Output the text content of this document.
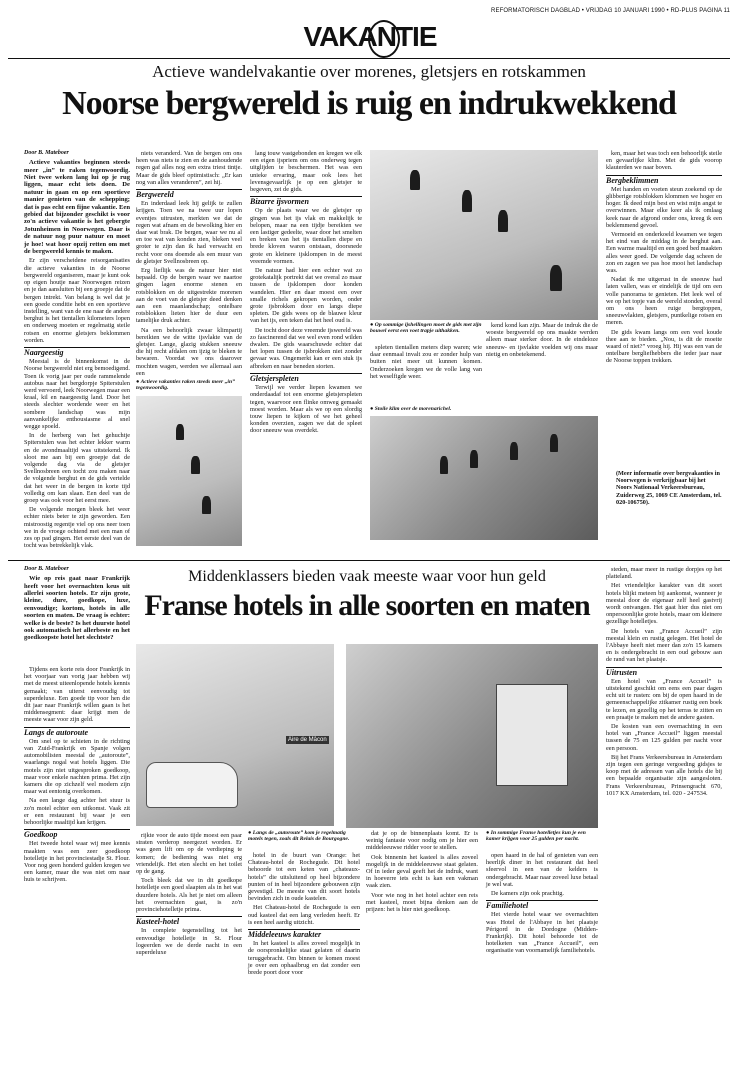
REFORMATORISCH DAGBLAD • VRIJDAG 10 JANUARI 1990 • RD-PLUS PAGINA 11
VAKANTIE
Actieve wandelvakantie over morenes, gletsjers en rotskammen
Noorse bergwereld is ruig en indrukwekkend
Door B. Mateboer

Actieve vakanties beginnen steeds meer „in” te raken tegenwoordig. Niet twee weken lang lui op je rug liggen, maar echt iets doen. De natuur in gaan en op een sportieve manier genieten van de schepping; dat is pas echt een fijne vakantie. Een gebied dat bijzonder geschikt is voor zo'n actieve vakantie is het gebergte Jotunheimen in Noorwegen. Daar is de natuur nog puur natuur en moet je hoe! wat hoor opzij retten om met de bergwereld kennis te maken.

Er zijn verscheidene reisorganisaties die actieve vakanties in de Noorse bergwereld organiseren, maar je kunt ook op eigen houtje naar Noorwegen reizen en je dan aansluiten bij een groepje dat de bergen intrekt. Van belang is wel dat je een goede conditie hebt en een sportieve instelling, want van de ene naar de andere berghut is het tientallen kilometers lopen en onderweg moeten er regelmatig steile rotsen en enorme gletsjers beklommen worden.

Naargeestig

Meestal is de binnenkomst in de Noorse bergwereld niet erg bemoedigend. Toen ik vorig jaar per oude rammelende autobus naar het bergdorpje Spiterstulen werd vervoerd, leek Noorwegen maar een kraal, kil en naargeestig land. Door het steeds slechter wordende weer en het sombere landschap was mijn aanvankelijke enthousiasme al snel wegge spoeld.

In de herberg van het gehuchtje Spiterstulen was het echter lekker warm en de avondmaaltijd was uitstekend. Ik sloot me aan bij een groepje dat de volgende dag via de gletsjer Svellnosbreen een tocht zou maken naar de volgende berghut en de gids vertelde dat het weer in de bergen in korte tijd volledig om kan slaan. Een deel van de groep was ook voor het eerst mee.

De volgende morgen bleek het weer echter niets beter te zijn geworden. Een mistroostig regentje viel op ons neer toen we in de vroege ochtend met een man of zes op pad gingen. Het eerste deel van de tocht was betrekkelijk vlak.

niets veranderd. Van de bergen om ons heen was niets te zien en de aanhoudende regen gaf alles nog een extra triest tintje. Maar de gids bleef optimistisch: „Er kan nog van alles veranderen”, zei hij.

Bergwereld

En inderdaad leek hij gelijk te zullen krijgen. Toen we na twee uur lopen eventjes uitrusten, merkten we dat de regen wat afnam en de bewolking hier en daar wat brak. De bergen, waar we nu al en toe wat van konden zien, bleken veel groter te zijn dan ik had verwacht en recht voor ons doemde als een muur van de gletsjer Svellnosbreen op.

Erg lieflijk was de natuur hier niet bepaald. Op de bergen waar we naartoe gingen lagen enorme stenen en rotsblokken en de uitgestrekte morenen aan de voet van de gletsjer deed denken aan een maanlandschap; ontelbare rotsblokken lieten hier de duur een tamelijke druk achter.

Na een behoorlijk zwaar klimpartij bereikten we de witte ijsvlakte van de gletsjer. Lange, glazig stukken sneeuw die hij recht afdalen om ijzig te bleken te bewaren. Voordat we ons daarover mochten wagen, werden we allemaal aan een

● Actieve vakanties raken steeds meer „in” tegenwoordig.

lang touw vastgebonden en kregen we elk een eigen ijspriem om ons onderweg tegen uitglijden te beschermen. Het was een unieke ervaring, maar ook lees het levensgevaarlijk je op een gletsjer te begeven, zei de gids.

Bizarre ijsvormen

Op de plaats waar we de gletsjer op gingen was het ijs vlak en makkelijk te belopen, maar na een tijdje bereikten we een lastiger gedeelte, waar door het smelten en breken van het ijs tientallen diepe en brede kloven waren ontstaan, doorsnede grote en kleinere ijsklompen in de meest vreemde vormen.

De natuur had hier een echter wat zo grotekatalijk portrekt dat we overal zo maar tussen de ijsklompen door konden wandelen. Hier en daar moest een over smalle richels gekropen worden, onder grote ijsbrokken door en langs diepe spleten. De gids wees op de blauwe kleur van het ijs, een teken dat het heel oud is.

De tocht door deze vreemde ijswereld was zo fascinerend dat we wel even rond wilden dwalen. De gids waarschuwde echter dat het lopen tussen de ijsbrokken niet zonder gevaar was. Ongemerkt kan er een stuk ijs afbreken en naar beneden storten.

Gletsjerspleten

Terwijl we verder liepen kwamen we onderdaadaf tot een enorme gletsjerspleten tegen, waarvoor een flinke omweg gemaakt moest worden. Maar als we op een slordig touw liepen te kijken of we het geheel konden overzien, zagen we dat de spleet door sneeuw was overdekt.

● Op sommige ijshellingen moet de gids met zijn bouwel eerst een voet trapje uithakken.

spleten tientallen meters diep waren; wie daar eenmaal invalt zou er zonder hulp van buiten niet meer uit kunnen komen. Onderzoeken kregen we de volle lang van het weselfigde weer.

● Stoile klim over de morenarichel.

kend kond kan zijn. Maar de indruk die de woeste bergwereld op ons maakte werden alleen maar sterker door. In de eindeloze sneeuw- en ijsvlakte voelden wij ons maar nietig en onbetekenend.

ken, maar het was toch een behoorlijk steile en gevaarlijke klim. Met de gids voorop klauterden we naar boven.

Bergbeklimmen

Met handen en voeten steun zoekend op de glibberige rotsblokken klommen we hoger en hoger. Ik deed mijn best en wist mijn angst te overwinnen. Maar elke keer als ik omlaag keek naar de afgrond onder ons, kreeg ik een beklemmend gevoel.

Vermoeid en onderkoeld kwamen we tegen het eind van de middag in de berghut aan. Een warme maaltijd en een goed bed maakten alles weer goed. De volgende dag scheen de zon en zagen we pas hoe mooi het landschap was.

Nadat ik me uitgerust in de sneeuw had laten vallen, was er eindelijk de tijd om een volle panorama te genieten. Het leek wel of we op het topje van de wereld stonden, overal om ons heen ruige bergtoppen, sneeuwvlakten, gletsjers, puntkelige rotsen en meren.

De gids kwam langs om een veel koude thee aan te bieden. „Nou, is dit de moeite waard of niet?” vroeg hij. Hij was een van de ontelbare bergliefhebbers die ieder jaar naar de Noorse toppen trekken.

(Meer informatie over bergvakanties in Noorwegen is verkrijgbaar bij het Noors Nationaal Verkeersbureau, Zuiderweg 25, 1069 CE Amsterdam, tel. 020-106750).
Door B. Mateboer

Wie op reis gaat naar Frankrijk heeft voor het overnachten keus uit allerlei soorten hotels. Er zijn grote, kleine, dure, goedkope, luxe, eenvoudige; kortom, hotels in alle soorten en maten. De vraag is echter: welke is de beste? Is het duurste hotel ook automatisch het allerbeste en het goedkoopste hotel het slechtste?

Middenklassers bieden vaak meeste waar voor hun geld
Franse hotels in alle soorten en maten

Tijdens een korte reis door Frankrijk in het voorjaar van vorig jaar hebben wij met de meest uiteenlopende hotels kennis gemaakt; van uiterst eenvoudig tot superdeluxe. Een goede tip voor hen die dit jaar naar Frankrijk willen gaan is het middensegment: daar krijgt men de meeste waar voor zijn geld.

Langs de autoroute

Om snel op te schieten in de richting van Zuid-Frankrijk en Spanje volgen automobilisten meestal de „autoroute”, waarlangs nogal wat hotels liggen. Die motels zijn niet uitgesproken goedkoop, maar voor enkele nachten prima. Het zijn kamers die op zichzelf wel modern zijn maar wat eentonig overkomen.

Na een lange dag achter het stuur is zo'n motel echter een uitkomst. Vaak zit er een restaurant bij waar je een behoorlijke maaltijd kan krijgen.

Goedkoop

Het tweede hotel waar wij mee kennis maakten was een zeer goedkoop hotelletje in het provinciestadje St. Flour. Voor nog geen honderd gulden kregen we een kamer, maar die was niet om naar huis te schrijven.

Aire de Mâcon

rijkte voor de auto tijde moest een paar straten verderop neergezet worden. Er was geen lift om op de verdieping te komen; de bediening was niet erg vriendelijk. Het eten slecht en het toilet op de gang.

Toch bleek dat we in dit goedkope hotelletje een goed slaapten als in het wat duurdere hotels. Als het je niet om alleen het overnachten gaat, is zo'n provinciehotelletje prima.

Kasteel-hotel

In complete tegenstelling tot het eenvoudige hotelletje in St. Flour logeerden we de derde nacht in een superdeluxe

● Langs de „autoroute” kom je regelmatig motels tegen, zoals dit Relais de Bourgogne.

hotel in de buurt van Orange: het Chateau-hotel de Rochegude. Dit hotel behoorde tot een keten van „chateaux-hotels” die uitsluitend op heel bijzondere punten of in heel bijzondere gebouwen zijn gevestigd. De meeste van dit soort hotels bevinden zich in oude kastelen.

Het Chateau-hotel de Rochegude is een oud kasteel dat een lang verleden heeft. Er is een heel aardig uitzicht.

Middeleeuws karakter

In het kasteel is alles zoveel mogelijk in de oorspronkelijke staat gelaten of daarin teruggebracht. Om binnen te komen moest je over een ophaalbrug en dat zonder een brede poort door voor

dat je op de binnenplaats komt. Er is weinig fantasie voor nodig om je hier een middeleeuwse ridder voor te stellen.

Ook binnenin het kasteel is alles zoveel mogelijk in de middeleeuwse staat gelaten. Of in ieder geval geeft het de indruk, want in hoeverre iets echt is kan een vakman vaak zien.

Voor wie nog in het hotel achter een reis met kasteel, moet bijna denken aan de prijzen: het is hier niet goedkoop.

● In sommige Franse hotelletjes kun je een kamer krijgen voor 25 gulden per nacht.

open haard in de hal of genieten van een heerlijk diner in het restaurant dat heel sfeervol in een van de kelders is ondergebracht. Maar naar zoveel luxe betaal je wel wat.

De kamers zijn ook prachtig.

Familiehotel

Het vierde hotel waar we overnachtten was Hotel de l'Abbaye in het plaatsje Périgord in de Dordogne (Midden-Frankrijk). Dit hotel behoorde tot de hotelketen van „France Accueil”, een organisatie van voornamelijk familiehotels.

steden, maar meer in rustige dorpjes op het platteland.

Het vriendelijke karakter van dit soort hotels blijkt meteen bij aankomst, wanneer je meestal door de eigenaar zelf heel gastvrij wordt ontvangen. Het gaat hier dus niet om onpersoonlijke grote hotels, maar om kleinere gezellige hotelletjes.

De hotels van „France Accueil” zijn meestal klein en rustig gelegen. Het hotel de l'Abbaye heeft niet meer dan zo'n 15 kamers en is ondergebracht in een oud gebouw aan de rand van het plaatsje.

Uitrusten

Een hotel van „France Accueil” is uitstekend geschikt om eens een paar dagen echt uit te rusten: om bij de open haard in de gemeenschappelijke zitkamer rustig een boek te lezen, en gezellig op het terras te zitten en een praatje te maken met de andere gasten.

De kosten van een overnachting in een hotel van „France Accueil” liggen meestal tussen de 75 en 125 gulden per nacht voor een persoon.

Bij het Frans Verkeersbureau in Amsterdam zijn tegen een geringe vergoeding gidsjes te koop met de adressen van alle hotels die bij een bepaalde organisatie zijn aangesloten. Frans Verkeersbureau, Prinsengracht 670, 1017 KX Amsterdam, tel. 020 - 247534.
